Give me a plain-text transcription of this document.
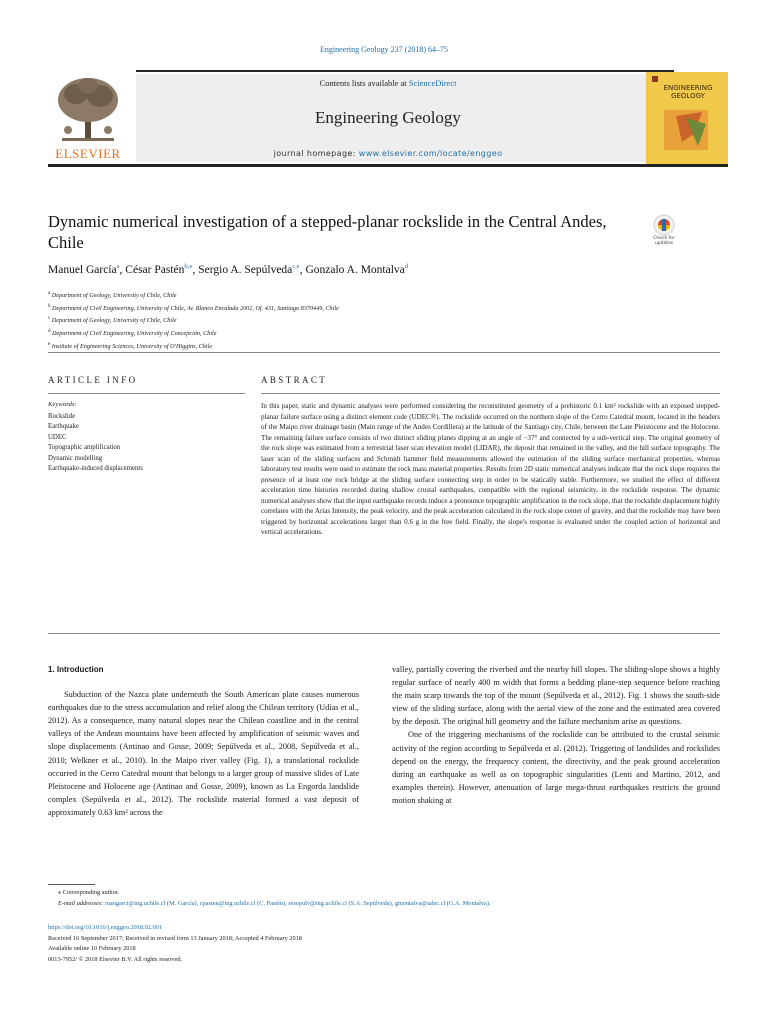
Engineering Geology 237 (2018) 64–75
Contents lists available at ScienceDirect
Engineering Geology
journal homepage: www.elsevier.com/locate/enggeo
ELSEVIER
ENGINEERING GEOLOGY
Dynamic numerical investigation of a stepped-planar rockslide in the Central Andes, Chile	Check for updates
Manuel García$^a$, César Pastén$^{b,⁎}$, Sergio A. Sepúlveda$^{c,e}$, Gonzalo A. Montalva$^d$
$^a$ Department of Geology, University of Chile, Chile
$^b$ Department of Civil Engineering, University of Chile, Av. Blanco Encalada 2002, Of. 431, Santiago 8370449, Chile
$^c$ Department of Geology, University of Chile, Chile
$^d$ Department of Civil Engineering, University of Concepción, Chile
$^e$ Institute of Engineering Sciences, University of O'Higgins, Chile
ARTICLE INFO	ABSTRACT
Keywords:
Rockslide
Earthquake
UDEC
Topographic amplification
Dynamic modelling
Earthquake-induced displacements
In this paper, static and dynamic analyses were performed considering the reconstituted geometry of a prehistoric 0.1 km² rockslide with an exposed stepped-planar failure surface using a distinct element code (UDEC®). The rockslide occurred on the northern slope of the Cerro Catedral mount, located in the headers of the Maipo river drainage basin (Main range of the Andes Cordillera) at the latitude of the Santiago city, Chile, between the Late Pleistocene and the Holocene. The remaining failure surface consists of two distinct sliding planes dipping at an angle of −37° and connected by a sub-vertical step. The original geometry of the rock slope was estimated from a terrestrial laser scan elevation model (LIDAR), the deposit that remained in the valley, and the hill surface topography. The laser scan of the sliding surfaces and Schmidt hammer field measurements allowed the estimation of the sliding surface mechanical properties, whereas laboratory test results were used to estimate the rock mass material properties. Results from 2D static numerical analyses indicate that the rock slope requires the presence of at least one rock bridge at the sliding surface connecting step in order to be statically stable. Furthermore, we studied the effect of different acceleration time histories recorded during shallow crustal earthquakes, compatible with the regional seismicity, in the rockslide response. The dynamic numerical analyses show that the input earthquake records induce a pronounce topographic amplification in the rock slope, that the rockslide displacement highly correlates with the Arias Intensity, the peak velocity, and the peak acceleration calculated in the rock slope center of gravity, and that the rockslide may have been triggered by horizontal accelerations larger than 0.6 g in the free field. Finally, the slope's response is evaluated under the coupled action of horizontal and vertical accelerations.
1. Introduction
Subduction of the Nazca plate underneath the South American plate causes numerous earthquakes due to the stress accumulation and relief along the Chilean territory (Udías et al., 2012). As a consequence, many natural slopes near the Chilean coastline and in the central valleys of the Andean mountains have been affected by amplification of seismic waves and slope displacements (Antinao and Gosse, 2009; Sepúlveda et al., 2008, Sepúlveda et al., 2010; Welkner et al., 2010). In the Maipo river valley (Fig. 1), a translational rockslide occurred in the Cerro Catedral mount that belongs to a larger group of massive slides of Late Pleistocene and Holocene age (Antinao and Gosse, 2009), known as La Engorda landslide complex (Sepúlveda et al., 2012). The rockslide material formed a vast deposit of approximately 0.63 km² across the
valley, partially covering the riverbed and the nearby hill slopes. The sliding-slope shows a highly regular surface of nearly 400 m width that forms a bedding plane-step sequence before reaching the main scarp towards the top of the mount (Sepúlveda et al., 2012). Fig. 1 shows the south-side view of the sliding surface, along with the aerial view of the zone and the estimated area covered by the deposit. The original hill geometry and the failure mechanism arise as questions.
One of the triggering mechanisms of the rockslide can be attributed to the crustal seismic activity of the region according to Sepúlveda et al. (2012). Triggering of landslides and rockslides depend on the energy, the frequency content, the directivity, and the peak ground acceleration during an earthquake as well as on topographic singularities (Lenti and Martino, 2012, and examples therein). However, attenuation of large mega-thrust earthquakes restricts the ground motion shaking at
⁎ Corresponding author.
E-mail addresses: mangarci@ing.uchile.cl (M. García), cpasten@ing.uchile.cl (C. Pastén), sesepulv@ing.uchile.cl (S.A. Sepúlveda), gmontalva@udec.cl (G.A. Montalva).
https://doi.org/10.1016/j.enggeo.2018.02.001
Received 16 September 2017; Received in revised form 13 January 2018; Accepted 4 February 2018
Available online 10 February 2018
0013-7952/ © 2018 Elsevier B.V. All rights reserved.
